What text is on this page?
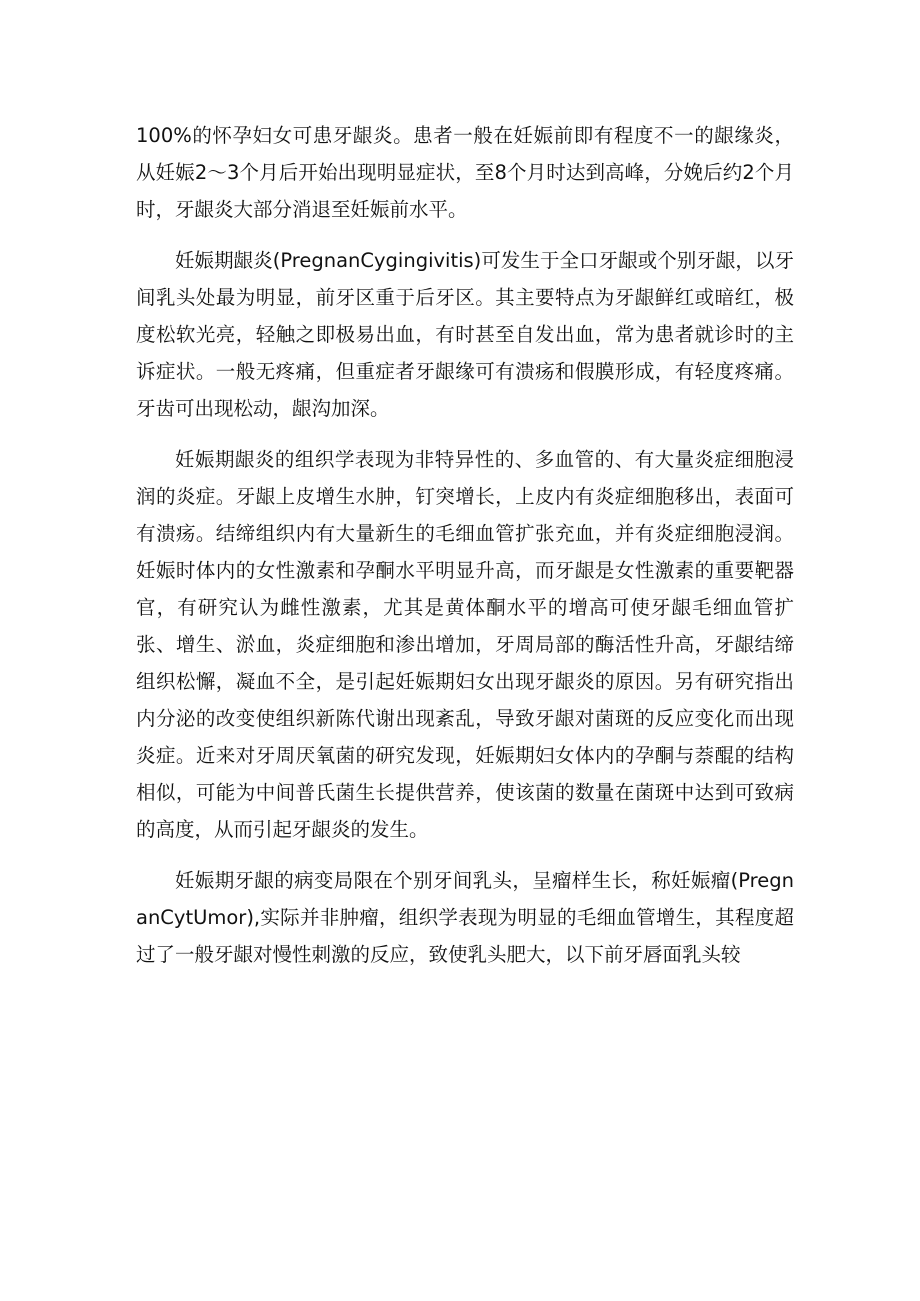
100%的怀孕妇女可患牙龈炎。患者一般在妊娠前即有程度不一的龈缘炎，从妊娠2～3个月后开始出现明显症状，至8个月时达到高峰，分娩后约2个月时，牙龈炎大部分消退至妊娠前水平。

妊娠期龈炎(PregnanCygingivitis)可发生于全口牙龈或个别牙龈，以牙间乳头处最为明显，前牙区重于后牙区。其主要特点为牙龈鲜红或暗红，极度松软光亮，轻触之即极易出血，有时甚至自发出血，常为患者就诊时的主诉症状。一般无疼痛，但重症者牙龈缘可有溃疡和假膜形成，有轻度疼痛。牙齿可出现松动，龈沟加深。

妊娠期龈炎的组织学表现为非特异性的、多血管的、有大量炎症细胞浸润的炎症。牙龈上皮增生水肿，钉突增长，上皮内有炎症细胞移出，表面可有溃疡。结缔组织内有大量新生的毛细血管扩张充血，并有炎症细胞浸润。妊娠时体内的女性激素和孕酮水平明显升高，而牙龈是女性激素的重要靶器官，有研究认为雌性激素，尤其是黄体酮水平的增高可使牙龈毛细血管扩张、增生、淤血，炎症细胞和渗出增加，牙周局部的酶活性升高，牙龈结缔组织松懈，凝血不全，是引起妊娠期妇女出现牙龈炎的原因。另有研究指出内分泌的改变使组织新陈代谢出现紊乱，导致牙龈对菌斑的反应变化而出现炎症。近来对牙周厌氧菌的研究发现，妊娠期妇女体内的孕酮与萘醌的结构相似，可能为中间普氏菌生长提供营养，使该菌的数量在菌斑中达到可致病的高度，从而引起牙龈炎的发生。

妊娠期牙龈的病变局限在个别牙间乳头，呈瘤样生长，称妊娠瘤(PregnanCytUmor),实际并非肿瘤，组织学表现为明显的毛细血管增生，其程度超过了一般牙龈对慢性刺激的反应，致使乳头肥大，以下前牙唇面乳头较
